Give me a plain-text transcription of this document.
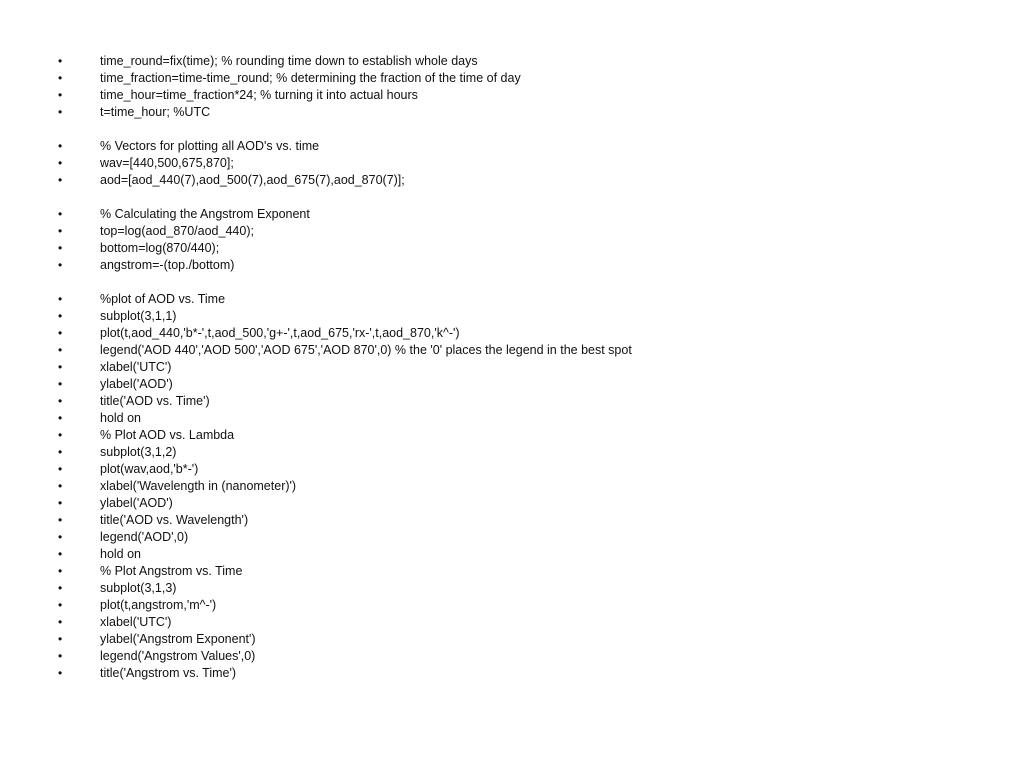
•	time_round=fix(time); % rounding time down to establish whole days
•	time_fraction=time-time_round; % determining the fraction of the time of day
•	time_hour=time_fraction*24; % turning it into actual hours
•	t=time_hour; %UTC
•	% Vectors for plotting all AOD's vs. time
•	wav=[440,500,675,870];
•	aod=[aod_440(7),aod_500(7),aod_675(7),aod_870(7)];
•	% Calculating the Angstrom Exponent
•	top=log(aod_870/aod_440);
•	bottom=log(870/440);
•	angstrom=-(top./bottom)
•	%plot of AOD vs. Time
•	subplot(3,1,1)
•	plot(t,aod_440,'b*-',t,aod_500,'g+-',t,aod_675,'rx-',t,aod_870,'k^-')
•	legend('AOD 440','AOD 500','AOD 675','AOD 870',0) % the '0' places the legend in the best spot
•	xlabel('UTC')
•	ylabel('AOD')
•	title('AOD vs. Time')
•	hold on
•	% Plot AOD vs. Lambda
•	subplot(3,1,2)
•	plot(wav,aod,'b*-')
•	xlabel('Wavelength in (nanometer)')
•	ylabel('AOD')
•	title('AOD vs. Wavelength')
•	legend('AOD',0)
•	hold on
•	% Plot Angstrom vs. Time
•	subplot(3,1,3)
•	plot(t,angstrom,'m^-')
•	xlabel('UTC')
•	ylabel('Angstrom Exponent')
•	legend('Angstrom Values',0)
•	title('Angstrom vs. Time')
